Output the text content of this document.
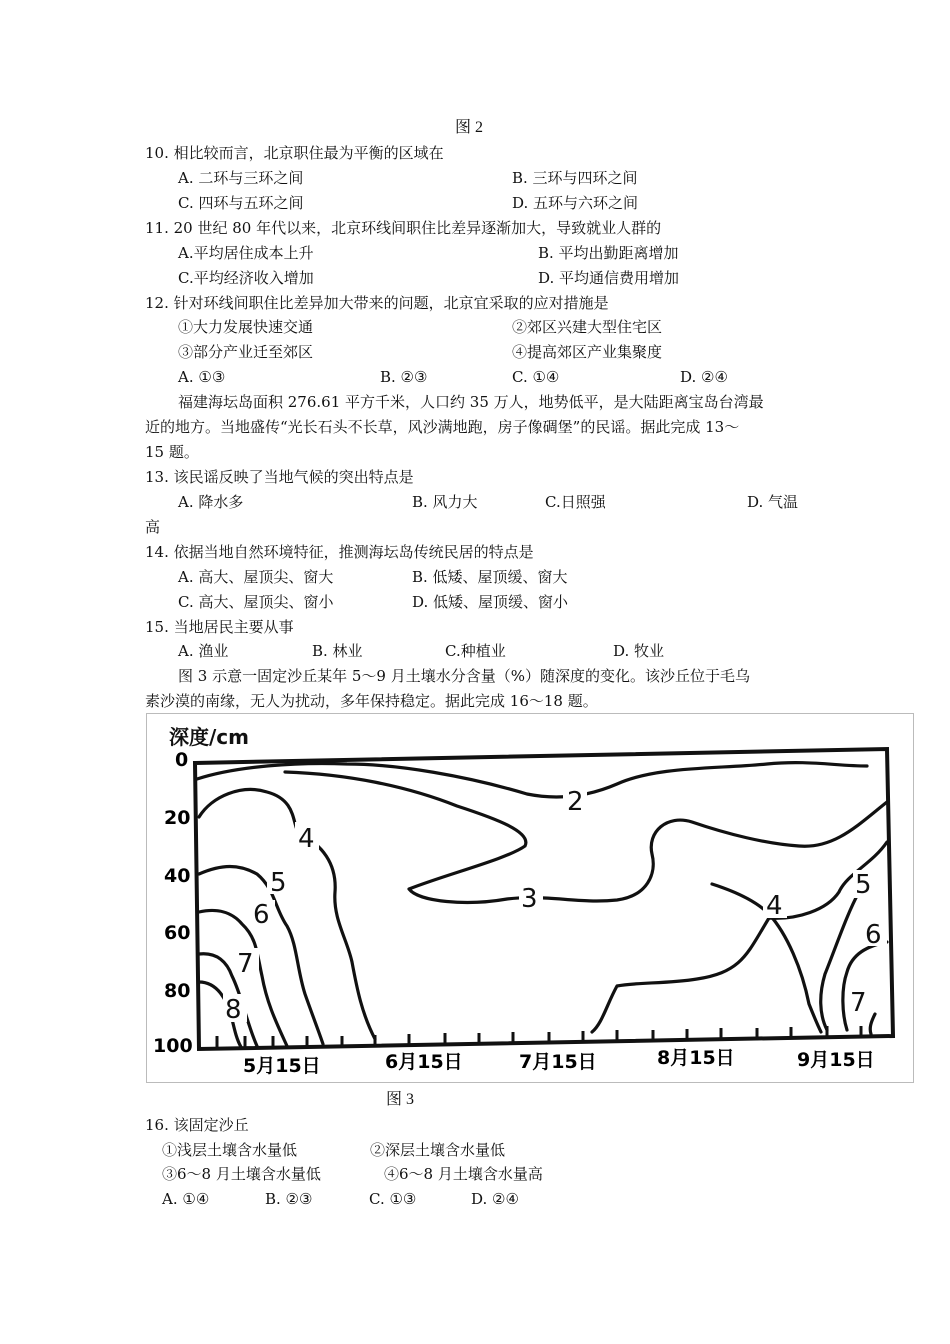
图 2
10. 相比较而言，北京职住最为平衡的区域在
A. 二环与三环之间	B. 三环与四环之间
C. 四环与五环之间	D. 五环与六环之间
11. 20 世纪 80 年代以来，北京环线间职住比差异逐渐加大，导致就业人群的
A.平均居住成本上升	B. 平均出勤距离增加
C.平均经济收入增加	D. 平均通信费用增加
12. 针对环线间职住比差异加大带来的问题，北京宜采取的应对措施是
①大力发展快速交通	②郊区兴建大型住宅区
③部分产业迁至郊区	④提高郊区产业集聚度
A. ①③	B. ②③	C. ①④	D. ②④
福建海坛岛面积 276.61 平方千米，人口约 35 万人，地势低平，是大陆距离宝岛台湾最
近的地方。当地盛传“光长石头不长草，风沙满地跑，房子像碉堡”的民谣。据此完成 13～
15 题。
13. 该民谣反映了当地气候的突出特点是
A. 降水多	B. 风力大	C.日照强	D. 气温
高
14. 依据当地自然环境特征，推测海坛岛传统民居的特点是
A. 高大、屋顶尖、窗大	B. 低矮、屋顶缓、窗大
C. 高大、屋顶尖、窗小	D. 低矮、屋顶缓、窗小
15. 当地居民主要从事
A. 渔业	B. 林业	C.种植业	D. 牧业
图 3 示意一固定沙丘某年 5～9 月土壤水分含量（%）随深度的变化。该沙丘位于毛乌
素沙漠的南缘，无人为扰动，多年保持稳定。据此完成 16～18 题。
深度/cm
0
20
40
60
80
100
5月15日	6月15日	7月15日	8月15日	9月15日
2
3
4
4
5	5
6
6
7
7
8
图 3
16. 该固定沙丘
①浅层土壤含水量低	②深层土壤含水量低
③6～8 月土壤含水量低	④6～8 月土壤含水量高
A. ①④	B. ②③	C. ①③	D. ②④
